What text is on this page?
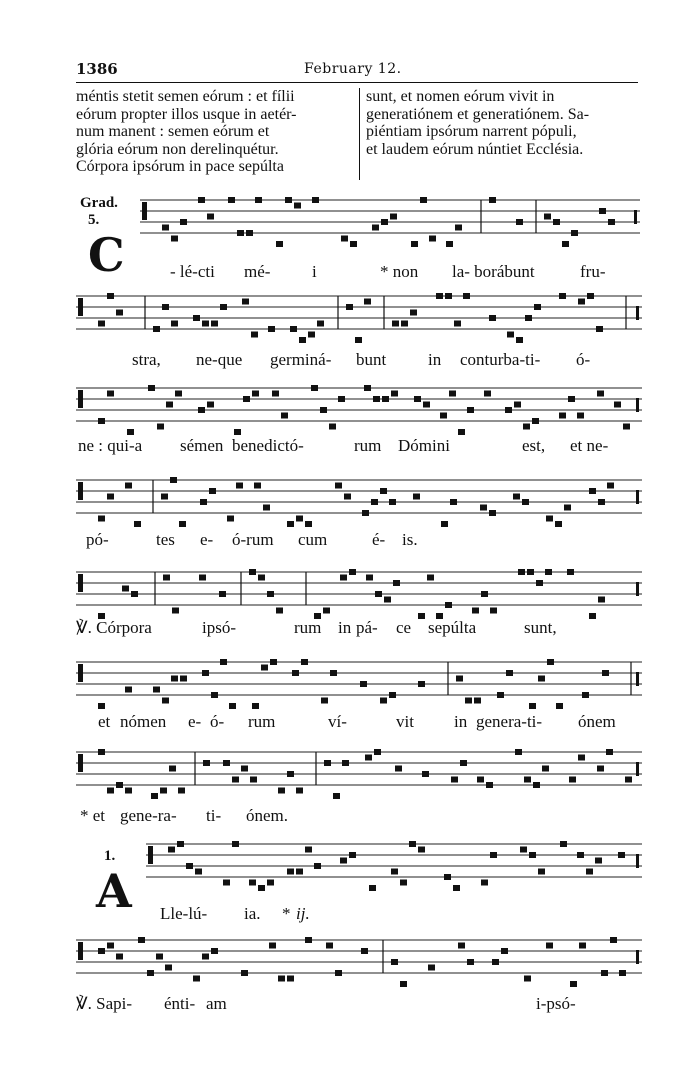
1386	February 12.
méntis stetit semen eórum : et fílii
eórum propter illos usque in aetér-
num manent : semen eórum et
glória eórum non derelinquétur.
Córpora ipsórum in pace sepúlta
sunt, et nomen eórum vivit in
generatiónem et generatiónem. Sa-
piéntiam ipsórum narrent pópuli,
et laudem eórum núntiet Ecclésia.
Grad.
5.
C
1.
A
- lé-cti mé- i	* non la- borábunt	fru-
stra, ne-que germiná- bunt in conturba-ti- ó-
ne : qui-a sémen benedictó-	rum Dómini	est, et ne-
pó-	tes e- ó-rum cum	é- is.
℣. Córpora	ipsó-	rum in pá- ce sepúlta	sunt,
et nómen e- ó- rum	ví-	vit in genera-ti- ónem
* et gene-ra- ti- ónem.
Lle-lú- ia. * ij.
℣. Sapi- énti- am	i-psó-
